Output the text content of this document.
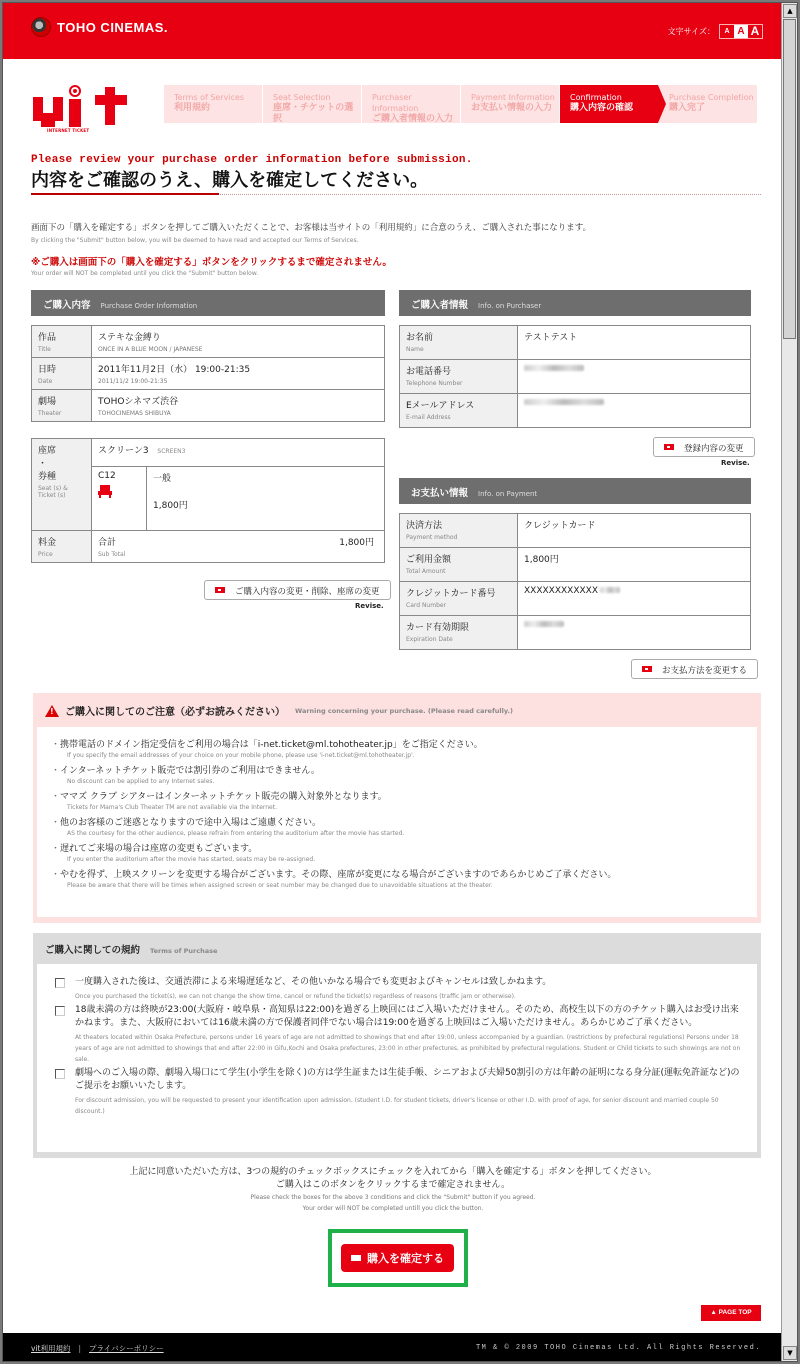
TOHO CINEMAS.	文字サイズ：	A A A
INTERNET TICKET
Terms of Services
利用規約
Seat Selection
座席・チケットの選択
Purchaser Information
ご購入者情報の入力
Payment Information
お支払い情報の入力
Confirmation
購入内容の確認
Purchase Completion
購入完了
Please review your purchase order information before submission.
内容をご確認のうえ、購入を確定してください。
画面下の「購入を確定する」ボタンを押してご購入いただくことで、お客様は当サイトの「利用規約」に合意のうえ、ご購入された事になります。
By clicking the "Submit" button below, you will be deemed to have read and accepted our Terms of Services.
※ご購入は画面下の「購入を確定する」ボタンをクリックするまで確定されません。
Your order will NOT be completed until you click the "Submit" button below.
ご購入内容 Purchase Order Information
作品
Title	ステキな金縛り
ONCE IN A BLUE MOON / JAPANESE

日時
Date	2011年11月2日（水） 19:00-21:35
2011/11/2 19:00-21:35

劇場
Theater	TOHOシネマズ渋谷
TOHOCINEMAS SHIBUYA
座席
・
券種
Seat (s) & Ticket (s)	スクリーン3 SCREEN3	

	C12	一般
1,800円

料金
Price	合計
Sub Total
1,800円	
ご購入内容の変更・削除、座席の変更
Revise.
ご購入者情報 Info. on Purchaser
お名前
Name	テストテスト
お電話番号
Telephone Number	

Eメールアドレス
E-mail Address	

登録内容の変更
Revise.
お支払い情報 Info. on Payment
決済方法
Payment method	クレジットカード
ご利用金額
Total Amount	1,800円
クレジットカード番号
Card Number	XXXXXXXXXXXX
カード有効期限
Expiration Date	

お支払方法を変更する
!
ご購入に関してのご注意（必ずお読みください） Warning concerning your purchase. (Please read carefully.)
・ 携帯電話のドメイン指定受信をご利用の場合は「i-net.ticket@ml.tohotheater.jp」をご指定ください。
If you specify the email addresses of your choice on your mobile phone, please use 'i-net.ticket@ml.tohotheater.jp'.
・ インターネットチケット販売では割引券のご利用はできません。
No discount can be applied to any Internet sales.
・ ママズ クラブ シアターはインターネットチケット販売の購入対象外となります。
Tickets for Mama's Club Theater TM are not available via the Internet.
・ 他のお客様のご迷惑となりますので途中入場はご遠慮ください。
AS the courtesy for the other audience, please refrain from entering the auditorium after the movie has started.
・ 遅れてご来場の場合は座席の変更もございます。
If you enter the auditorium after the movie has started, seats may be re-assigned.
・ やむを得ず、上映スクリーンを変更する場合がございます。その際、座席が変更になる場合がございますのであらかじめご了承ください。
Please be aware that there will be times when assigned screen or seat number may be changed due to unavoidable situations at the theater.
ご購入に関しての規約 Terms of Purchase
一度購入された後は、交通渋滞による来場遅延など、その他いかなる場合でも変更およびキャンセルは致しかねます。
Once you purchased the ticket(s), we can not change the show time, cancel or refund the ticket(s) regardless of reasons (traffic jam or otherwise).
18歳未満の方は終映が23:00(大阪府・岐阜県・高知県は22:00)を過ぎる上映回にはご入場いただけません。そのため、高校生以下の方のチケット購入はお受け出来かねます。また、大阪府においては16歳未満の方で保護者同伴でない場合は19:00を過ぎる上映回はご入場いただけません。あらかじめご了承ください。
At theaters located within Osaka Prefecture, persons under 16 years of age are not admitted to showings that end after 19:00, unless accompanied by a guardian. (restrictions by prefectural regulations) Persons under 18 years of age are not admitted to showings that end after 22:00 in Gifu,Kochi and Osaka prefectures, 23:00 in other prefectures, as prohibited by prefectural regulations. Student or Child tickets to such showings are not on sale.
劇場へのご入場の際、劇場入場口にて学生(小学生を除く)の方は学生証または生徒手帳、シニアおよび夫婦50割引の方は年齢の証明になる身分証(運転免許証など)のご提示をお願いいたします。
For discount admission, you will be requested to present your identification upon admission. (student I.D. for student tickets, driver's license or other I.D. with proof of age, for senior discount and married couple 50 discount.)
上記に同意いただいた方は、3つの規約のチェックボックスにチェックを入れてから「購入を確定する」ボタンを押してください。
ご購入はこのボタンをクリックするまで確定されません。
Please check the boxes for the above 3 conditions and click the "Submit" button if you agreed.
Your order will NOT be completed untill you click the button.
購入を確定する
▲ PAGE TOP
vit利用規約 | プライバシーポリシー	TM & © 2009 TOHO Cinemas Ltd. All Rights Reserved.
▲
▼
